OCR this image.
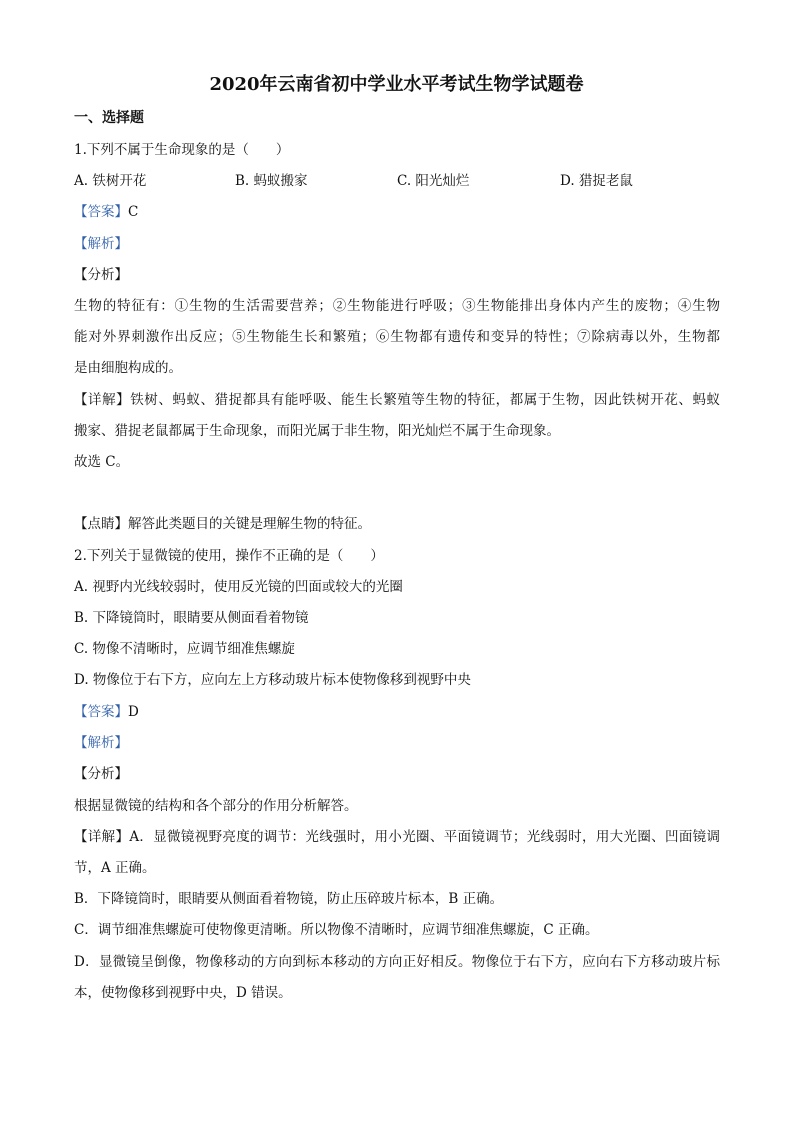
2020年云南省初中学业水平考试生物学试题卷
一、选择题
1.下列不属于生命现象的是（　　）
A. 铁树开花	B. 蚂蚁搬家	C. 阳光灿烂	D. 猎捉老鼠
【答案】C
【解析】
【分析】
生物的特征有：①生物的生活需要营养；②生物能进行呼吸；③生物能排出身体内产生的废物；④生物
能对外界刺激作出反应；⑤生物能生长和繁殖；⑥生物都有遗传和变异的特性；⑦除病毒以外，生物都
是由细胞构成的。
【详解】铁树、蚂蚁、猎捉都具有能呼吸、能生长繁殖等生物的特征，都属于生物，因此铁树开花、蚂蚁
搬家、猎捉老鼠都属于生命现象，而阳光属于非生物，阳光灿烂不属于生命现象。
故选 C。
【点睛】解答此类题目的关键是理解生物的特征。
2.下列关于显微镜的使用，操作不正确的是（　　）
A. 视野内光线较弱时，使用反光镜的凹面或较大的光圈
B. 下降镜筒时，眼睛要从侧面看着物镜
C. 物像不清晰时，应调节细准焦螺旋
D. 物像位于右下方，应向左上方移动玻片标本使物像移到视野中央
【答案】D
【解析】
【分析】
根据显微镜的结构和各个部分的作用分析解答。
【详解】A．显微镜视野亮度的调节：光线强时，用小光圈、平面镜调节；光线弱时，用大光圈、凹面镜调
节，A 正确。
B．下降镜筒时，眼睛要从侧面看着物镜，防止压碎玻片标本，B 正确。
C．调节细准焦螺旋可使物像更清晰。所以物像不清晰时，应调节细准焦螺旋，C 正确。
D．显微镜呈倒像，物像移动的方向到标本移动的方向正好相反。物像位于右下方，应向右下方移动玻片标
本，使物像移到视野中央，D 错误。
